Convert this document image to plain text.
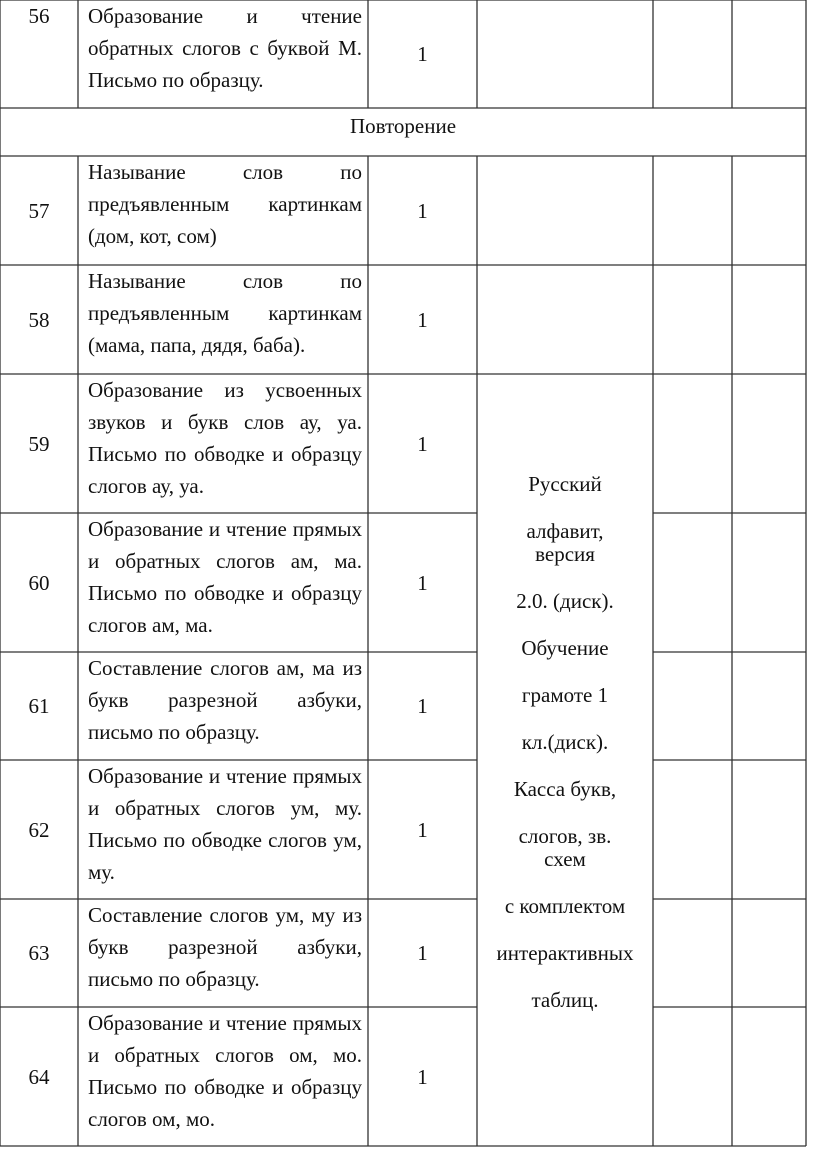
56	Образование и чтение обратных слогов с буквой М. Письмо по образцу.
1
Повторение
57
Называние слов по предъявленным картинкам (дом, кот, сом)
1
58
Называние слов по предъявленным картинкам (мама, папа, дядя, баба).
1
59
Образование из усвоенных звуков и букв слов ау, уа. Письмо по обводке и образцу слогов ау, уа.
1
60
Образование и чтение прямых и обратных слогов ам, ма. Письмо по обводке и образцу слогов ам, ма.
1
61
Составление слогов ам, ма из букв разрезной азбуки, письмо по образцу.
1
62
Образование и чтение прямых и обратных слогов ум, му. Письмо по обводке слогов ум, му.
1
63
Составление слогов ум, му из букв разрезной азбуки, письмо по образцу.
1
64
Образование и чтение прямых и обратных слогов ом, мо. Письмо по обводке и образцу слогов ом, мо.
1
Русский
алфавит,
версия
2.0. (диск).
Обучение
грамоте 1
кл.(диск).
Касса букв,
слогов, зв.
схем
с комплектом
интерактивных
таблиц.
